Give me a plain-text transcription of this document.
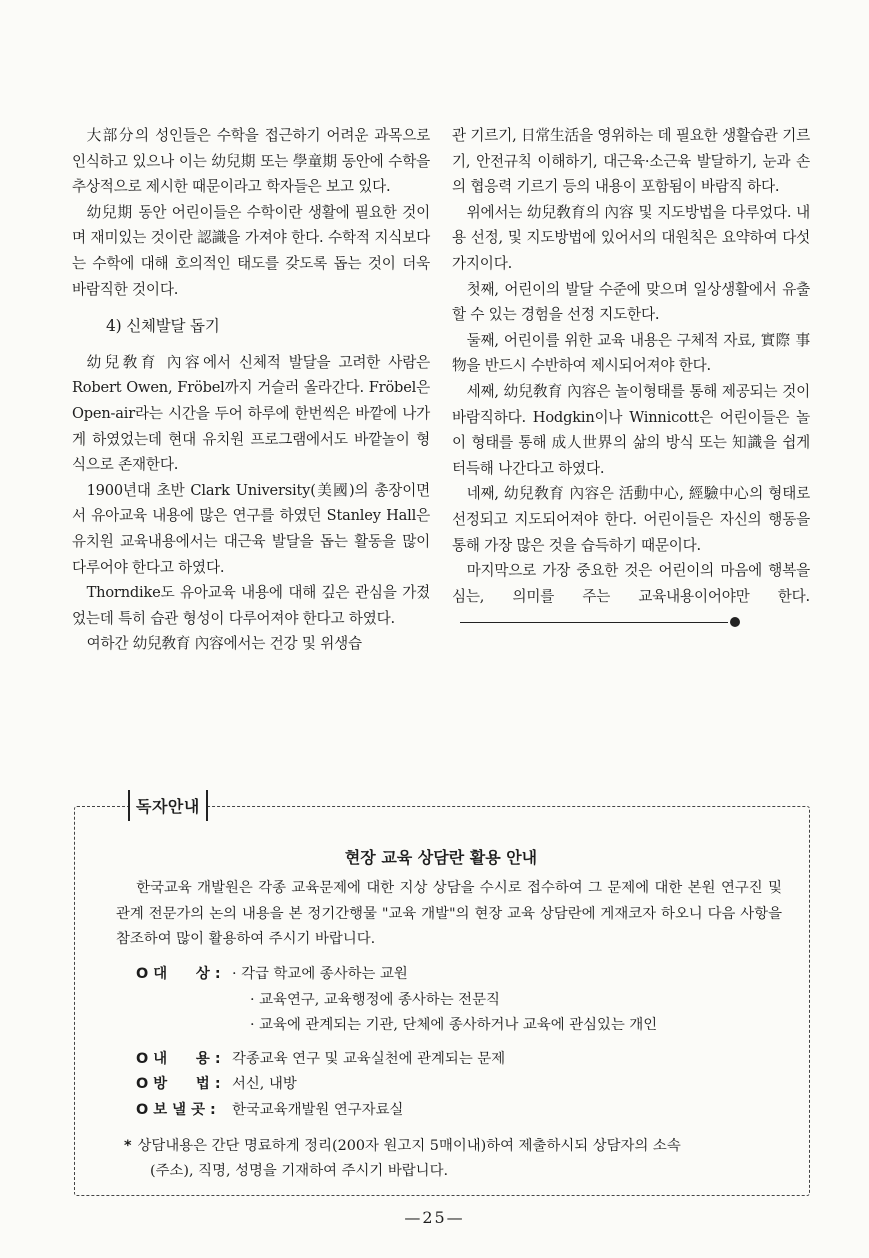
大部分의 성인들은 수학을 접근하기 어려운 과목으로 인식하고 있으나 이는 幼兒期 또는 學童期 동안에 수학을 추상적으로 제시한 때문이라고 학자들은 보고 있다.

幼兒期 동안 어린이들은 수학이란 생활에 필요한 것이며 재미있는 것이란 認識을 가져야 한다. 수학적 지식보다는 수학에 대해 호의적인 태도를 갖도록 돕는 것이 더욱 바람직한 것이다.

4) 신체발달 돕기

幼兒敎育 內容에서 신체적 발달을 고려한 사람은 Robert Owen, Fröbel까지 거슬러 올라간다. Fröbel은 Open-air라는 시간을 두어 하루에 한번씩은 바깥에 나가게 하였었는데 현대 유치원 프로그램에서도 바깥놀이 형식으로 존재한다.

1900년대 초반 Clark University(美國)의 총장이면서 유아교육 내용에 많은 연구를 하였던 Stanley Hall은 유치원 교육내용에서는 대근육 발달을 돕는 활동을 많이 다루어야 한다고 하였다.

Thorndike도 유아교육 내용에 대해 깊은 관심을 가졌었는데 특히 습관 형성이 다루어져야 한다고 하였다.

여하간 幼兒敎育 內容에서는 건강 및 위생습

관 기르기, 日常生活을 영위하는 데 필요한 생활습관 기르기, 안전규칙 이해하기, 대근육·소근육 발달하기, 눈과 손의 협응력 기르기 등의 내용이 포함됨이 바람직 하다.

위에서는 幼兒敎育의 內容 및 지도방법을 다루었다. 내용 선정, 및 지도방법에 있어서의 대원칙은 요약하여 다섯 가지이다.

첫째, 어린이의 발달 수준에 맞으며 일상생활에서 유출할 수 있는 경험을 선정 지도한다.

둘째, 어린이를 위한 교육 내용은 구체적 자료, 實際 事物을 반드시 수반하여 제시되어져야 한다.

세째, 幼兒敎育 內容은 놀이형태를 통해 제공되는 것이 바람직하다. Hodgkin이나 Winnicott은 어린이들은 놀이 형태를 통해 成人世界의 삶의 방식 또는 知識을 쉽게 터득해 나간다고 하였다.

네째, 幼兒敎育 內容은 活動中心, 經驗中心의 형태로 선정되고 지도되어져야 한다. 어린이들은 자신의 행동을 통해 가장 많은 것을 습득하기 때문이다.

마지막으로 가장 중요한 것은 어린이의 마음에 행복을 심는, 의미를 주는 교육내용이어야만 한다.

독자안내
현장 교육 상담란 활용 안내
한국교육 개발원은 각종 교육문제에 대한 지상 상담을 수시로 접수하여 그 문제에 대한 본원 연구진 및 관계 전문가의 논의 내용을 본 정기간행물 "교육 개발"의 현장 교육 상담란에 게재코자 하오니 다음 사항을 참조하여 많이 활용하여 주시기 바랍니다.
O 대　　상 : · 각급 학교에 종사하는 교원
· 교육연구, 교육행정에 종사하는 전문직
· 교육에 관계되는 기관, 단체에 종사하거나 교육에 관심있는 개인
O 내　　용 : 각종교육 연구 및 교육실천에 관계되는 문제
O 방　　법 : 서신, 내방
O 보 낼 곳 :	한국교육개발원 연구자료실
* 상담내용은 간단 명료하게 정리(200자 원고지 5매이내)하여 제출하시되 상담자의 소속
(주소), 직명, 성명을 기재하여 주시기 바랍니다.
—25—
